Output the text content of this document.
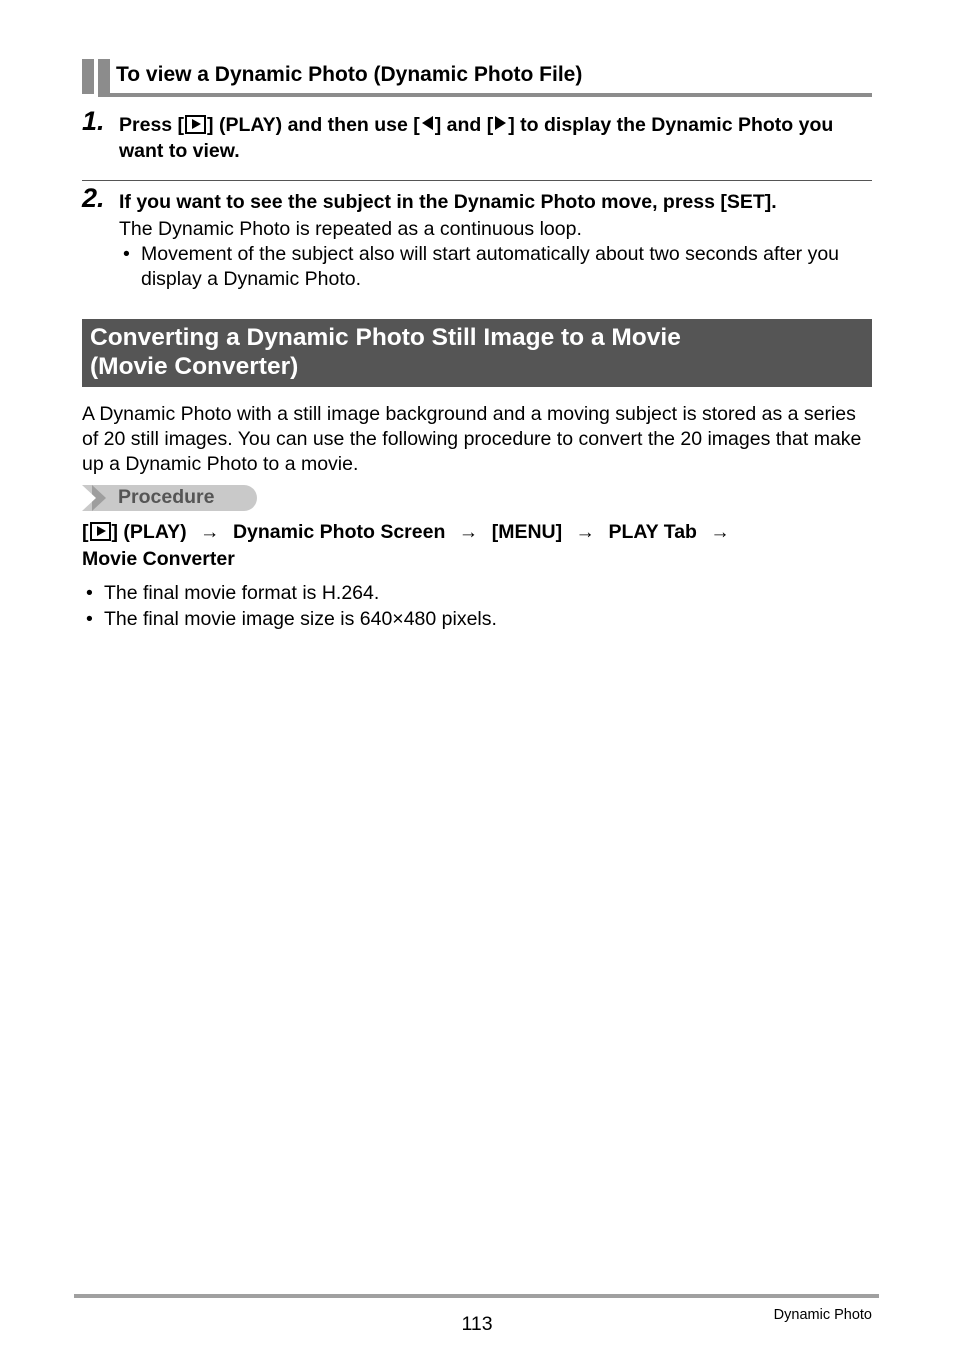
To view a Dynamic Photo (Dynamic Photo File)
1. Press [ ] (PLAY) and then use [ ] and [ ] to display the Dynamic Photo you want to view.
2. If you want to see the subject in the Dynamic Photo move, press [SET].
The Dynamic Photo is repeated as a continuous loop.
• Movement of the subject also will start automatically about two seconds after you display a Dynamic Photo.
Converting a Dynamic Photo Still Image to a Movie
(Movie Converter)
A Dynamic Photo with a still image background and a moving subject is stored as a series of 20 still images. You can use the following procedure to convert the 20 images that make up a Dynamic Photo to a movie.
Procedure
[ ] (PLAY) → Dynamic Photo Screen → [MENU] → PLAY Tab →
Movie Converter
• The final movie format is H.264.
• The final movie image size is 640×480 pixels.
113	Dynamic Photo
